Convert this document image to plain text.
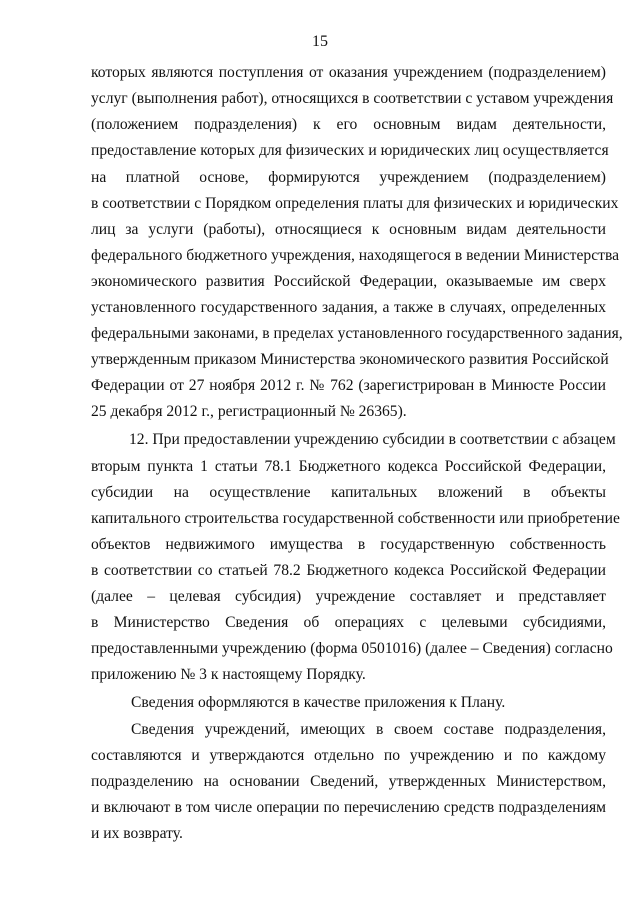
15
которых являются поступления от оказания учреждением (подразделением)
услуг (выполнения работ), относящихся в соответствии с уставом учреждения
(положением подразделения) к его основным видам деятельности,
предоставление которых для физических и юридических лиц осуществляется
на платной основе, формируются учреждением (подразделением)
в соответствии с Порядком определения платы для физических и юридических
лиц за услуги (работы), относящиеся к основным видам деятельности
федерального бюджетного учреждения, находящегося в ведении Министерства
экономического развития Российской Федерации, оказываемые им сверх
установленного государственного задания, а также в случаях, определенных
федеральными законами, в пределах установленного государственного задания,
утвержденным приказом Министерства экономического развития Российской
Федерации от 27 ноября 2012 г. № 762 (зарегистрирован в Минюсте России
25 декабря 2012 г., регистрационный № 26365).
12. При предоставлении учреждению субсидии в соответствии с абзацем
вторым пункта 1 статьи 78.1 Бюджетного кодекса Российской Федерации,
субсидии на осуществление капитальных вложений в объекты
капитального строительства государственной собственности или приобретение
объектов недвижимого имущества в государственную собственность
в соответствии со статьей 78.2 Бюджетного кодекса Российской Федерации
(далее – целевая субсидия) учреждение составляет и представляет
в Министерство Сведения об операциях с целевыми субсидиями,
предоставленными учреждению (форма 0501016) (далее – Сведения) согласно
приложению № 3 к настоящему Порядку.
Сведения оформляются в качестве приложения к Плану.
Сведения учреждений, имеющих в своем составе подразделения,
составляются и утверждаются отдельно по учреждению и по каждому
подразделению на основании Сведений, утвержденных Министерством,
и включают в том числе операции по перечислению средств подразделениям
и их возврату.
